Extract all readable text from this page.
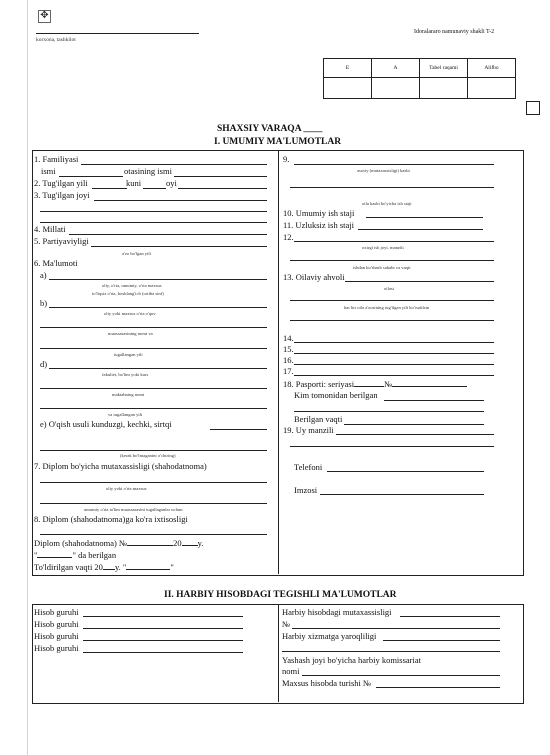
✥
korxona, tashkilot
Idoralararo namunaviy shakli T-2
E	A	Tabel raqami	Alifbo

SHAXSIY VARAQA ____
I. UMUMIY MA'LUMOTLAR
1. Familiyasi
ismi	otasining ismi
2. Tug'ilgan yili	kuni	oyi
3. Tug'ilgan joyi
4. Millati
5. Partiyaviyligi
a'zo bo'lgan yili
6. Ma'lumoti
a)
oliy, o'rta, umumiy, o'rta maxsus
to'liqsiz o'rta, boshlang'ich (ortiba sinf)
b)
oliy yoki maxsus o'rta o'quv
muassasasining nomi va
tugallangan yili
d)
fakultet, bo'lim yoki kurs
maktabning nomi
va tugallangan yili
e) O'qish usuli kunduzgi, kechki, sirtqi
(kerak bo'lmaganini o'chiring)
7. Diplom bo'yicha mutaxassisligi (shahodatnoma)
oliy yoki o'rta maxsus
umumiy o'rta ta'lim muassasasini tugallaganlar uchun
8. Diplom (shahodatnoma)ga ko'ra ixtisosligi
Diplom (shahodatnoma) №	20 y.
"	" da berilgan
To'ldirilgan vaqti 20 y. "	"
9.
asosiy (mutaxassisligi) kasbi
oila kasbi bo'yicha ish staji
10. Umumiy ish staji
11. Uzluksiz ish staji
12.
oxirgi ish joyi, manzilı
ishdan bo'shash sababi va vaqti
13. Oilaviy ahvoli
oilasi
har bir oila a'zosining tug'ilgan yili ko'rsatilsin
14.
15.
16.
17.
18. Pasporti: seriyasi	№
Kim tomonidan berilgan
Berilgan vaqti
19. Uy manzili
Telefoni
Imzosi
II. HARBIY HISOBDAGI TEGISHLI MA'LUMOTLAR
Hisob guruhi
Hisob guruhi
Hisob guruhi
Hisob guruhi
Harbiy hisobdagi mutaxassisligi
№
Harbiy xizmatga yaroqliligi
Yashash joyi bo'yicha harbiy komissariat
nomi
Maxsus hisobda turishi №
